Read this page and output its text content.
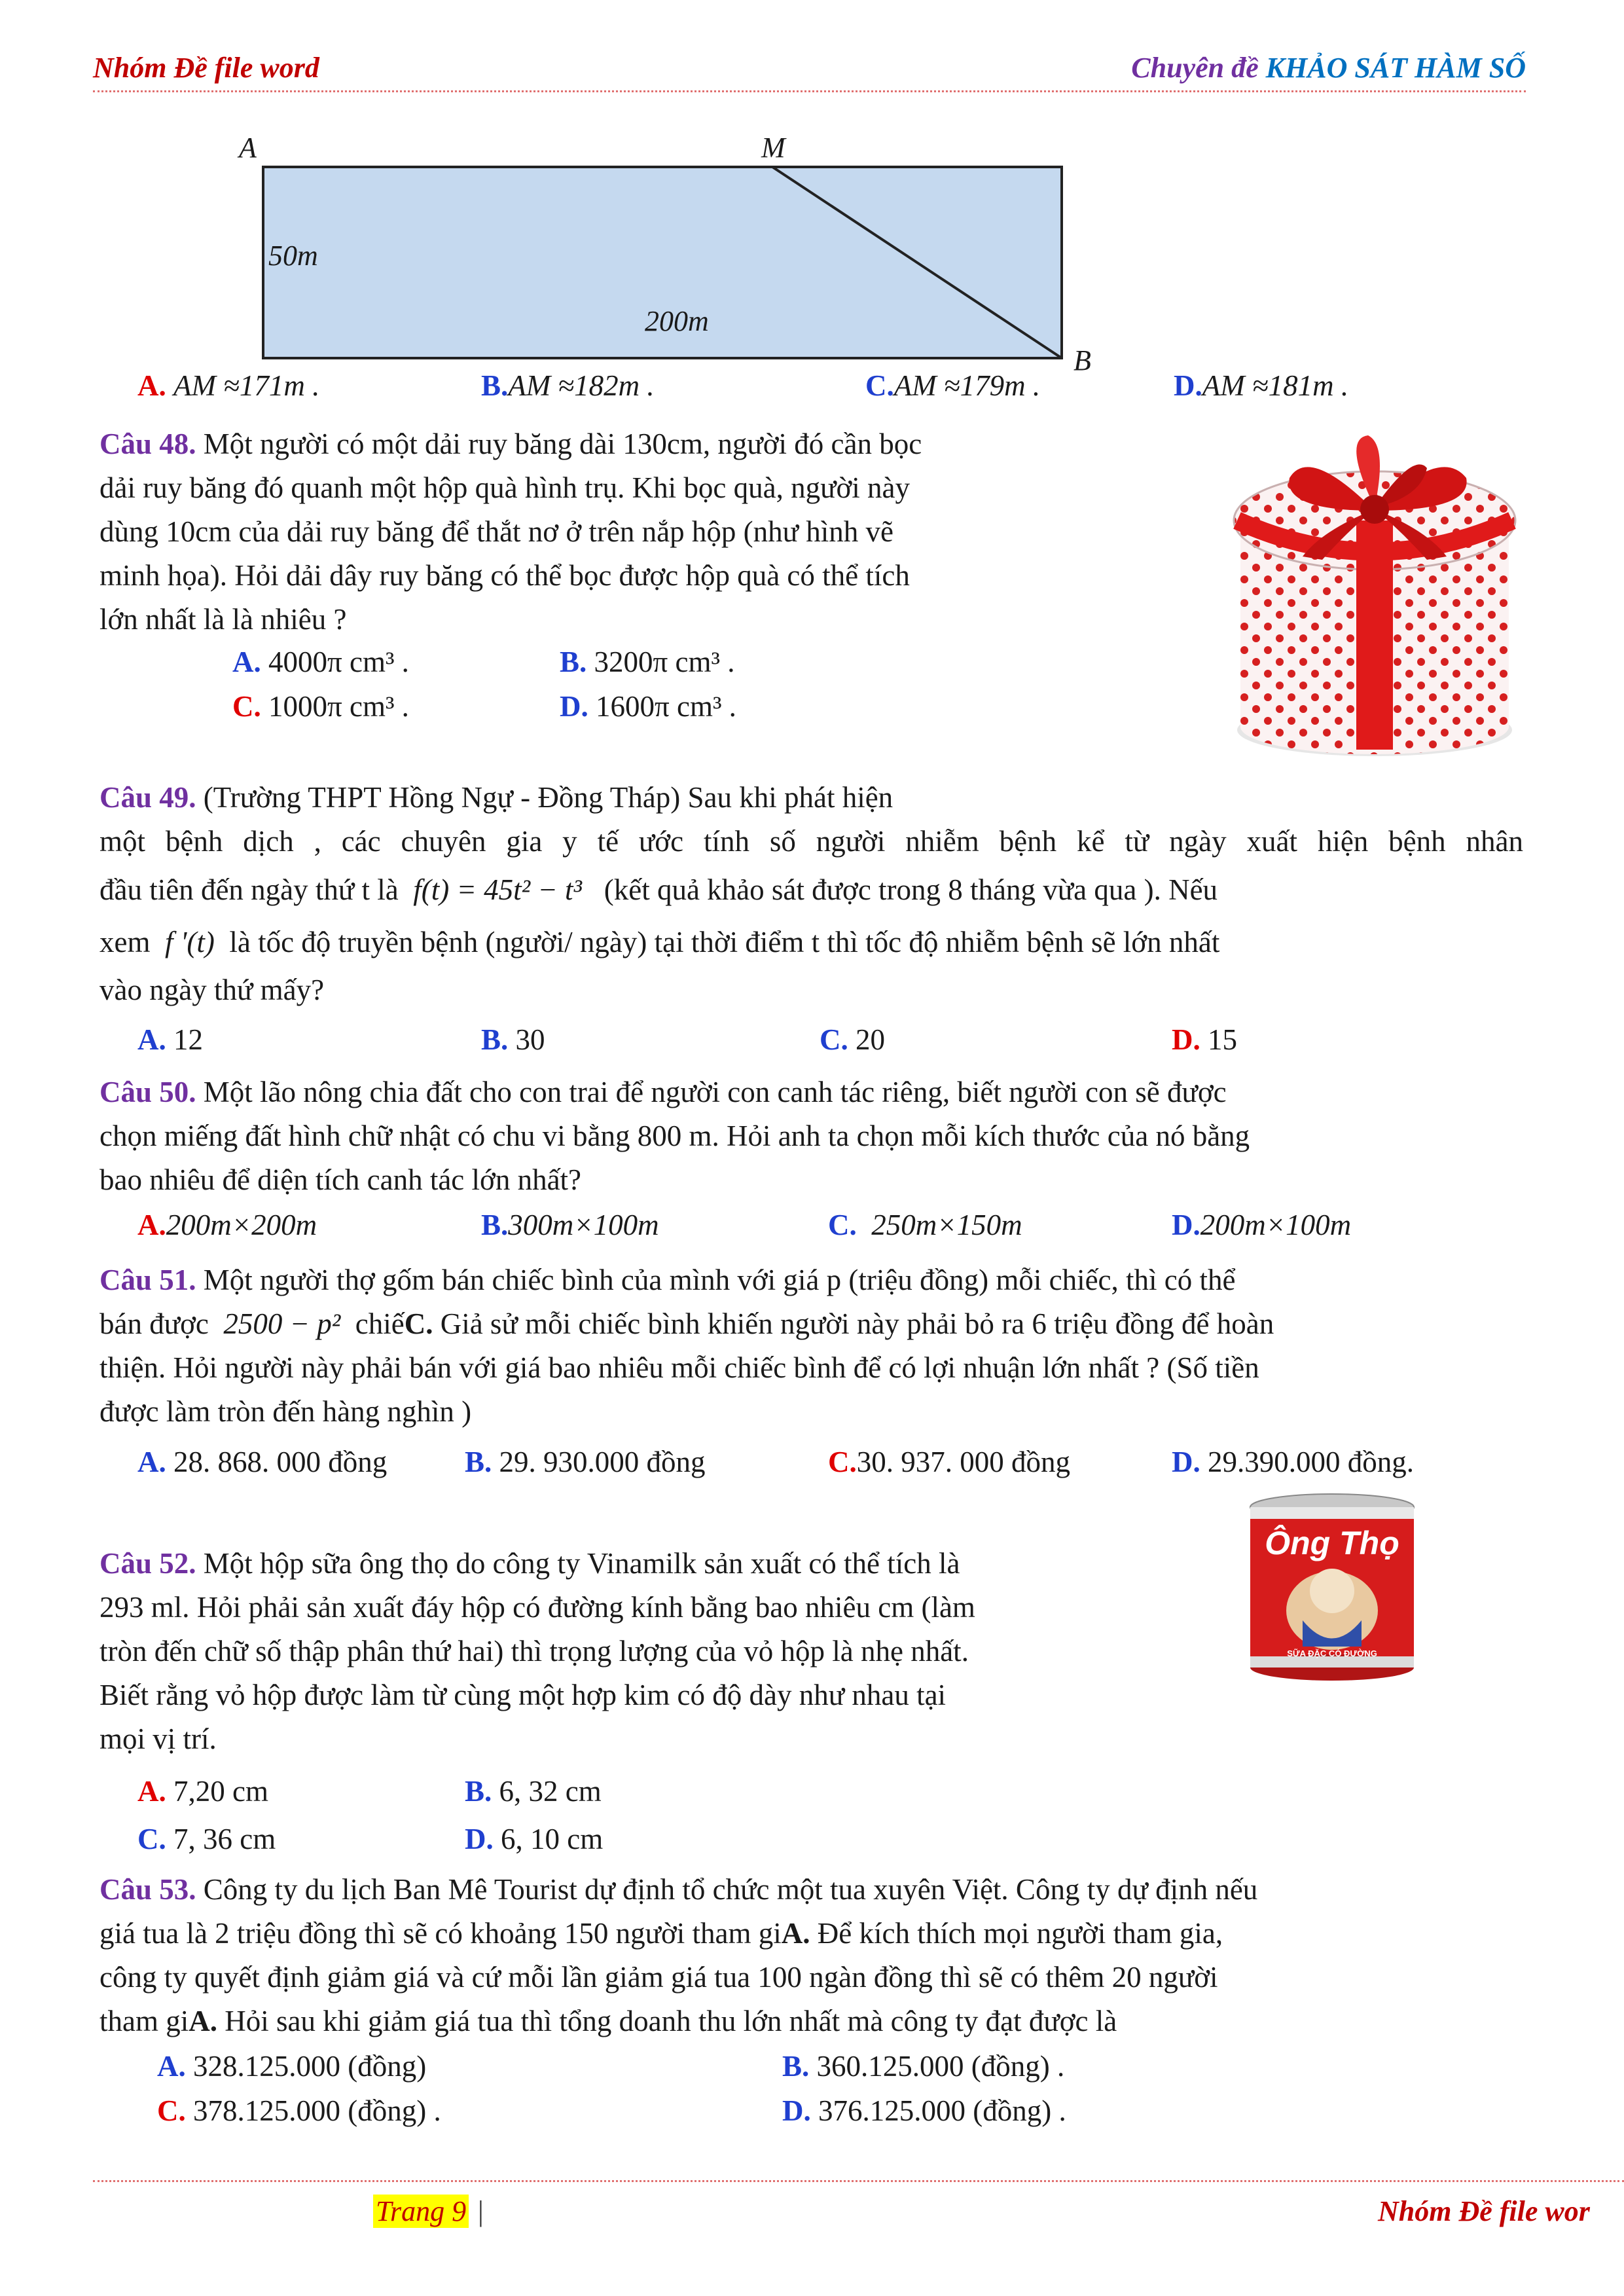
Nhóm Đề file word	Chuyên đề KHẢO SÁT HÀM SỐ
A	M
B
50m
200m
A. AM ≈171m .	B.AM ≈182m .	C.AM ≈179m .	D.AM ≈181m .
Câu 48. Một người có một dải ruy băng dài 130cm, người đó cần bọc
dải ruy băng đó quanh một hộp quà hình trụ. Khi bọc quà, người này
dùng 10cm của dải ruy băng để thắt nơ ở trên nắp hộp (như hình vẽ
minh họa). Hỏi dải dây ruy băng có thể bọc được hộp quà có thể tích
lớn nhất là là nhiêu ?
A. 4000π cm³ .	B. 3200π cm³ .
C. 1000π cm³ .	D. 1600π cm³ .
Câu 49. (Trường THPT Hồng Ngự - Đồng Tháp) Sau khi phát hiện
một bệnh dịch , các chuyên gia y tế ước tính số người nhiễm bệnh kể từ ngày xuất hiện bệnh nhân
đầu tiên đến ngày thứ t là f(t) = 45t² − t³ (kết quả khảo sát được trong 8 tháng vừa qua ). Nếu
xem f '(t) là tốc độ truyền bệnh (người/ ngày) tại thời điểm t thì tốc độ nhiễm bệnh sẽ lớn nhất
vào ngày thứ mấy?
A. 12	B. 30	C. 20	D. 15
Câu 50. Một lão nông chia đất cho con trai để người con canh tác riêng, biết người con sẽ được
chọn miếng đất hình chữ nhật có chu vi bằng 800 m. Hỏi anh ta chọn mỗi kích thước của nó bằng
bao nhiêu để diện tích canh tác lớn nhất?
A.200m×200m	B.300m×100m	C. 250m×150m	D.200m×100m
Câu 51. Một người thợ gốm bán chiếc bình của mình với giá p (triệu đồng) mỗi chiếc, thì có thể
bán được 2500 − p² chiếC. Giả sử mỗi chiếc bình khiến người này phải bỏ ra 6 triệu đồng để hoàn
thiện. Hỏi người này phải bán với giá bao nhiêu mỗi chiếc bình để có lợi nhuận lớn nhất ? (Số tiền
được làm tròn đến hàng nghìn )
A. 28. 868. 000 đồng	B. 29. 930.000 đồng	C.30. 937. 000 đồng	D. 29.390.000 đồng.
Câu 52. Một hộp sữa ông thọ do công ty Vinamilk sản xuất có thể tích là
293 ml. Hỏi phải sản xuất đáy hộp có đường kính bằng bao nhiêu cm (làm
tròn đến chữ số thập phân thứ hai) thì trọng lượng của vỏ hộp là nhẹ nhất.
Biết rằng vỏ hộp được làm từ cùng một hợp kim có độ dày như nhau tại
mọi vị trí.
Ông Thọ
SỮA ĐẶC CÓ ĐƯỜNG
A. 7,20 cm	B. 6, 32 cm
C. 7, 36 cm	D. 6, 10 cm
Câu 53. Công ty du lịch Ban Mê Tourist dự định tổ chức một tua xuyên Việt. Công ty dự định nếu
giá tua là 2 triệu đồng thì sẽ có khoảng 150 người tham giA. Để kích thích mọi người tham gia,
công ty quyết định giảm giá và cứ mỗi lần giảm giá tua 100 ngàn đồng thì sẽ có thêm 20 người
tham giA. Hỏi sau khi giảm giá tua thì tổng doanh thu lớn nhất mà công ty đạt được là
A. 328.125.000 (đồng)	B. 360.125.000 (đồng) .
C. 378.125.000 (đồng) .	D. 376.125.000 (đồng) .
Trang 9 |	Nhóm Đề file wor
